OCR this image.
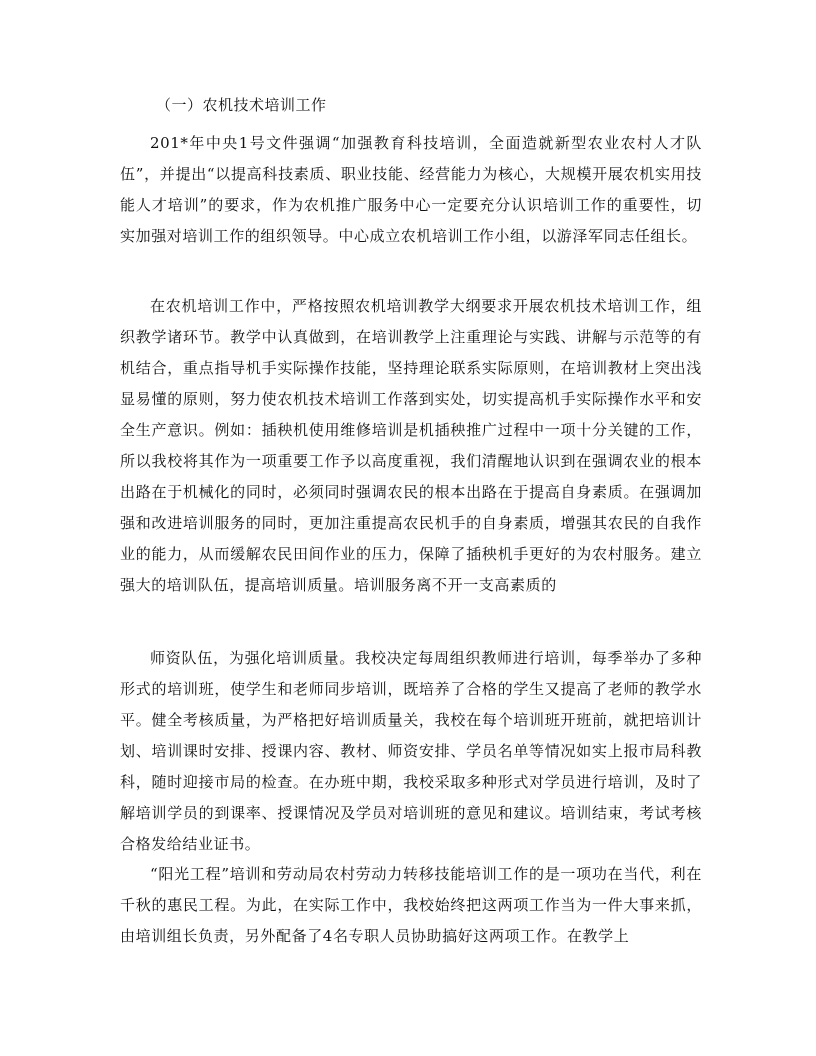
（一）农机技术培训工作

201*年中央1号文件强调“加强教育科技培训，全面造就新型农业农村人才队伍”，并提出“以提高科技素质、职业技能、经营能力为核心，大规模开展农机实用技能人才培训”的要求，作为农机推广服务中心一定要充分认识培训工作的重要性，切实加强对培训工作的组织领导。中心成立农机培训工作小组，以游泽军同志任组长。

在农机培训工作中，严格按照农机培训教学大纲要求开展农机技术培训工作，组织教学诸环节。教学中认真做到，在培训教学上注重理论与实践、讲解与示范等的有机结合，重点指导机手实际操作技能，坚持理论联系实际原则，在培训教材上突出浅显易懂的原则，努力使农机技术培训工作落到实处，切实提高机手实际操作水平和安全生产意识。例如：插秧机使用维修培训是机插秧推广过程中一项十分关键的工作，所以我校将其作为一项重要工作予以高度重视，我们清醒地认识到在强调农业的根本出路在于机械化的同时，必须同时强调农民的根本出路在于提高自身素质。在强调加强和改进培训服务的同时，更加注重提高农民机手的自身素质，增强其农民的自我作业的能力，从而缓解农民田间作业的压力，保障了插秧机手更好的为农村服务。建立强大的培训队伍，提高培训质量。培训服务离不开一支高素质的

师资队伍，为强化培训质量。我校决定每周组织教师进行培训，每季举办了多种形式的培训班，使学生和老师同步培训，既培养了合格的学生又提高了老师的教学水平。健全考核质量，为严格把好培训质量关，我校在每个培训班开班前，就把培训计划、培训课时安排、授课内容、教材、师资安排、学员名单等情况如实上报市局科教科，随时迎接市局的检查。在办班中期，我校采取多种形式对学员进行培训，及时了解培训学员的到课率、授课情况及学员对培训班的意见和建议。培训结束，考试考核合格发给结业证书。

“阳光工程”培训和劳动局农村劳动力转移技能培训工作的是一项功在当代，利在千秋的惠民工程。为此，在实际工作中，我校始终把这两项工作当为一件大事来抓，由培训组长负责，另外配备了4名专职人员协助搞好这两项工作。在教学上
